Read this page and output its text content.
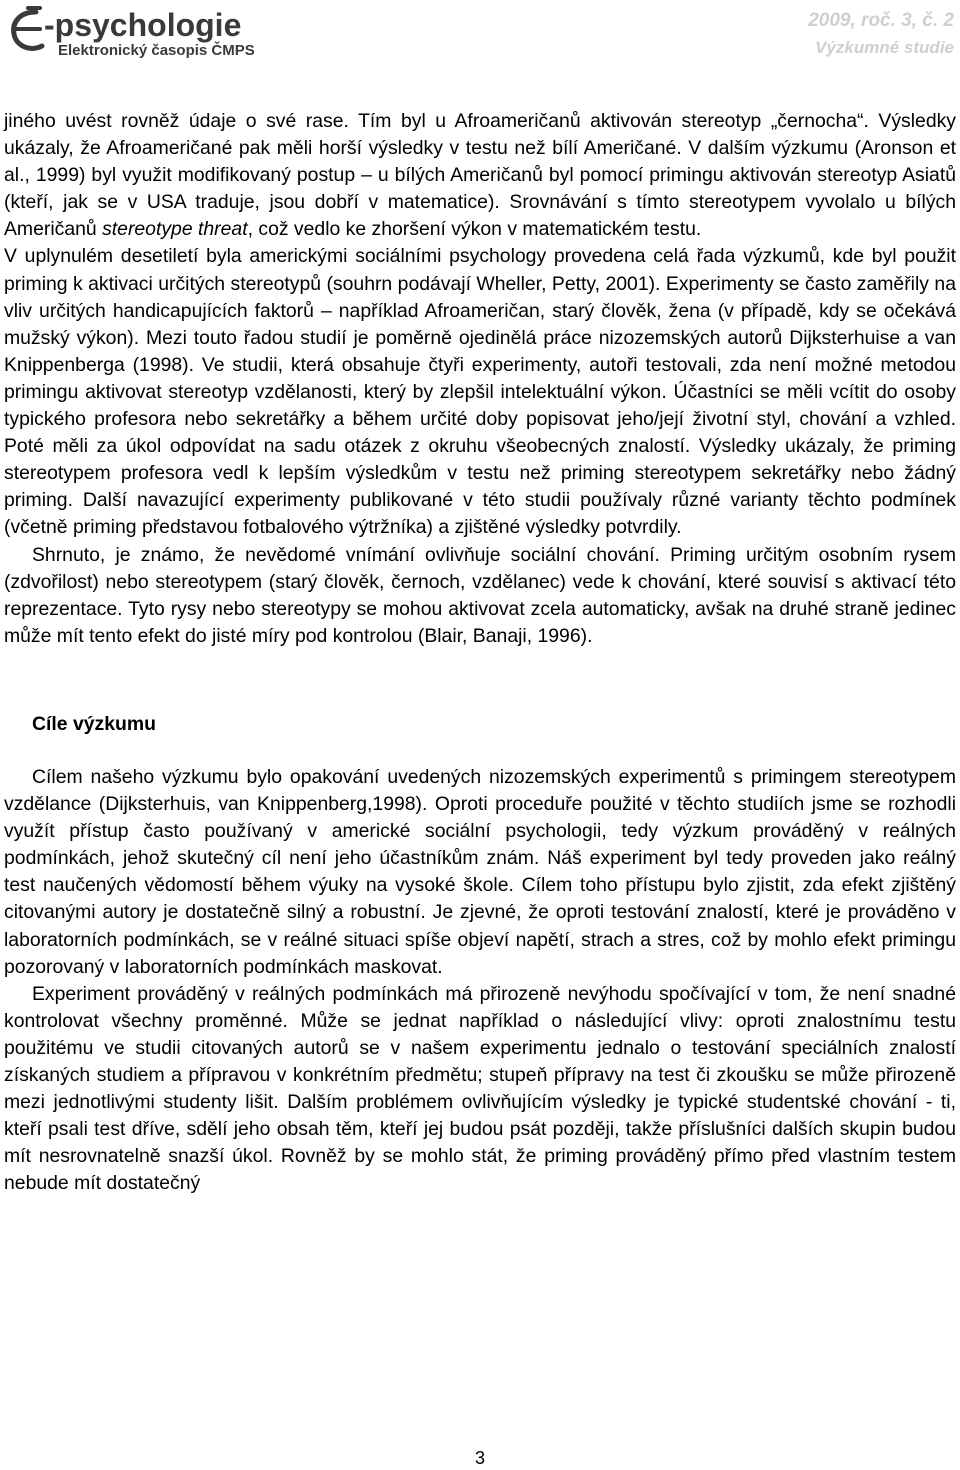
-psychologie
Elektronický časopis ČMPS
2009, roč. 3, č. 2
Výzkumné studie

jiného uvést rovněž údaje o své rase. Tím byl u Afroameričanů aktivován stereotyp „černocha“. Výsledky ukázaly, že Afroameričané pak měli horší výsledky v testu než bílí Američané. V dalším výzkumu (Aronson et al., 1999) byl využit modifikovaný postup – u bílých Američanů byl pomocí primingu aktivován stereotyp Asiatů (kteří, jak se v USA traduje, jsou dobří v matematice). Srovnávání s tímto stereotypem vyvolalo u bílých Američanů stereotype threat, což vedlo ke zhoršení výkon v matematickém testu.

V uplynulém desetiletí byla americkými sociálními psychology provedena celá řada výzkumů, kde byl použit priming k aktivaci určitých stereotypů (souhrn podávají Wheller, Petty, 2001). Experimenty se často zaměřily na vliv určitých handicapujících faktorů – například Afroameričan, starý člověk, žena (v případě, kdy se očekává mužský výkon). Mezi touto řadou studií je poměrně ojedinělá práce nizozemských autorů Dijksterhuise a van Knippenberga (1998). Ve studii, která obsahuje čtyři experimenty, autoři testovali, zda není možné metodou primingu aktivovat stereotyp vzdělanosti, který by zlepšil intelektuální výkon. Účastníci se měli vcítit do osoby typického profesora nebo sekretářky a během určité doby popisovat jeho/její životní styl, chování a vzhled. Poté měli za úkol odpovídat na sadu otázek z okruhu všeobecných znalostí. Výsledky ukázaly, že priming stereotypem profesora vedl k lepším výsledkům v testu než priming stereotypem sekretářky nebo žádný priming. Další navazující experimenty publikované v této studii používaly různé varianty těchto podmínek (včetně priming představou fotbalového výtržníka) a zjištěné výsledky potvrdily.

Shrnuto, je známo, že nevědomé vnímání ovlivňuje sociální chování. Priming určitým osobním rysem (zdvořilost) nebo stereotypem (starý člověk, černoch, vzdělanec) vede k chování, které souvisí s aktivací této reprezentace. Tyto rysy nebo stereotypy se mohou aktivovat zcela automaticky, avšak na druhé straně jedinec může mít tento efekt do jisté míry pod kontrolou (Blair, Banaji, 1996).

Cíle výzkumu

Cílem našeho výzkumu bylo opakování uvedených nizozemských experimentů s primingem stereotypem vzdělance (Dijksterhuis, van Knippenberg,1998). Oproti proceduře použité v těchto studiích jsme se rozhodli využít přístup často používaný v americké sociální psychologii, tedy výzkum prováděný v reálných podmínkách, jehož skutečný cíl není jeho účastníkům znám. Náš experiment byl tedy proveden jako reálný test naučených vědomostí během výuky na vysoké škole. Cílem toho přístupu bylo zjistit, zda efekt zjištěný citovanými autory je dostatečně silný a robustní. Je zjevné, že oproti testování znalostí, které je prováděno v laboratorních podmínkách, se v reálné situaci spíše objeví napětí, strach a stres, což by mohlo efekt primingu pozorovaný v laboratorních podmínkách maskovat.

Experiment prováděný v reálných podmínkách má přirozeně nevýhodu spočívající v tom, že není snadné kontrolovat všechny proměnné. Může se jednat například o následující vlivy: oproti znalostnímu testu použitému ve studii citovaných autorů se v našem experimentu jednalo o testování speciálních znalostí získaných studiem a přípravou v konkrétním předmětu; stupeň přípravy na test či zkoušku se může přirozeně mezi jednotlivými studenty lišit. Dalším problémem ovlivňujícím výsledky je typické studentské chování - ti, kteří psali test dříve, sdělí jeho obsah těm, kteří jej budou psát později, takže příslušníci dalších skupin budou mít nesrovnatelně snazší úkol. Rovněž by se mohlo stát, že priming prováděný přímo před vlastním testem nebude mít dostatečný

3
